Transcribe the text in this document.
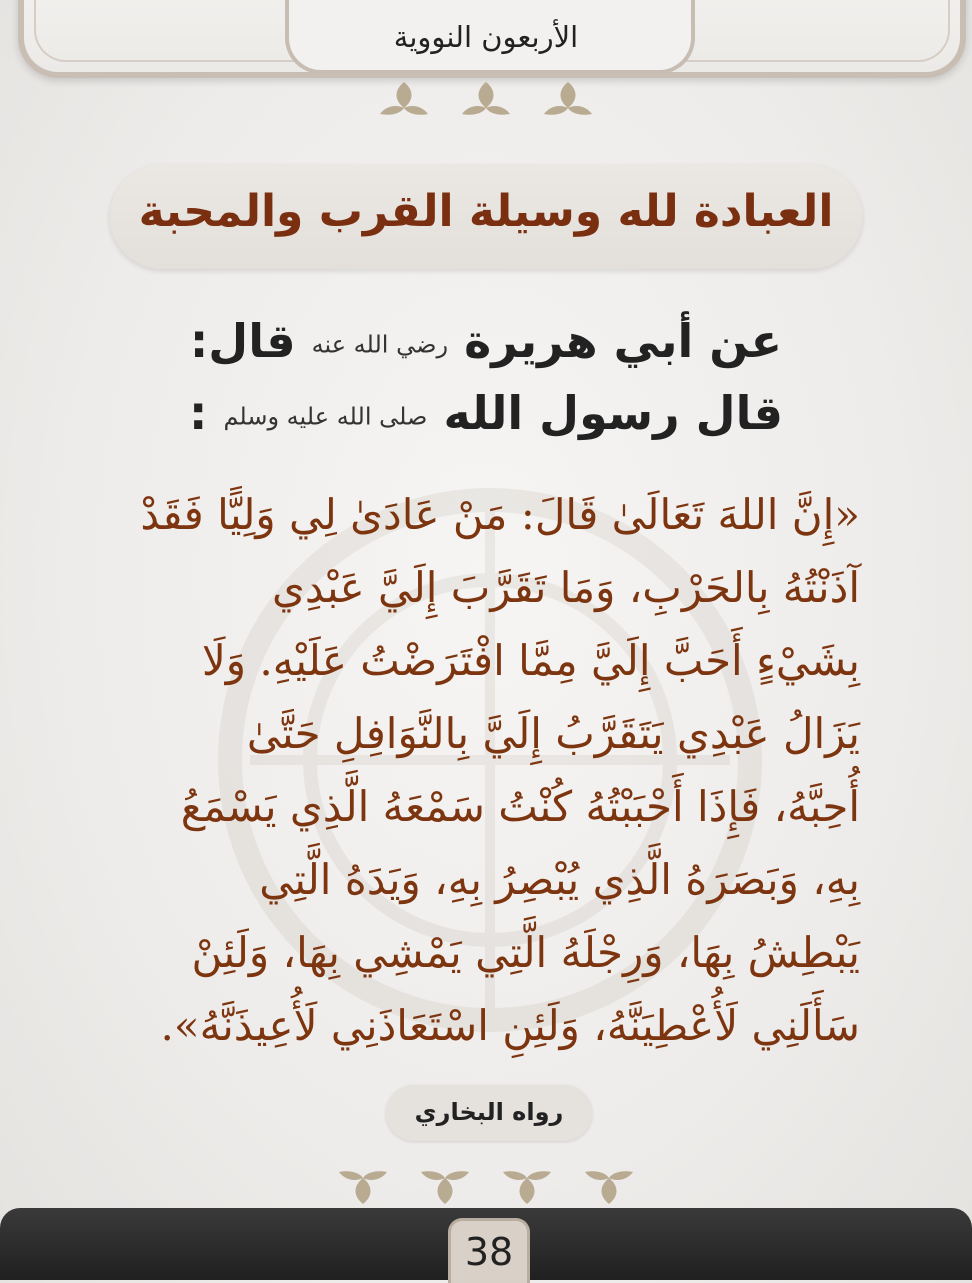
الأربعون النووية
العبادة لله وسيلة القرب والمحبة
عن أبي هريرة رضي الله عنه قال:
قال رسول الله صلى الله عليه وسلم :
«إِنَّ اللهَ تَعَالَىٰ قَالَ: مَنْ عَادَىٰ لِي وَلِيًّا فَقَدْ
آذَنْتُهُ بِالحَرْبِ، وَمَا تَقَرَّبَ إِلَيَّ عَبْدِي
بِشَيْءٍ أَحَبَّ إِلَيَّ مِمَّا افْتَرَضْتُ عَلَيْهِ. وَلَا
يَزَالُ عَبْدِي يَتَقَرَّبُ إِلَيَّ بِالنَّوَافِلِ حَتَّىٰ
أُحِبَّهُ، فَإِذَا أَحْبَبْتُهُ كُنْتُ سَمْعَهُ الَّذِي يَسْمَعُ
بِهِ، وَبَصَرَهُ الَّذِي يُبْصِرُ بِهِ، وَيَدَهُ الَّتِي
يَبْطِشُ بِهَا، وَرِجْلَهُ الَّتِي يَمْشِي بِهَا، وَلَئِنْ
سَأَلَنِي لَأُعْطِيَنَّهُ، وَلَئِنِ اسْتَعَاذَنِي لَأُعِيذَنَّهُ».
رواه البخاري
38
